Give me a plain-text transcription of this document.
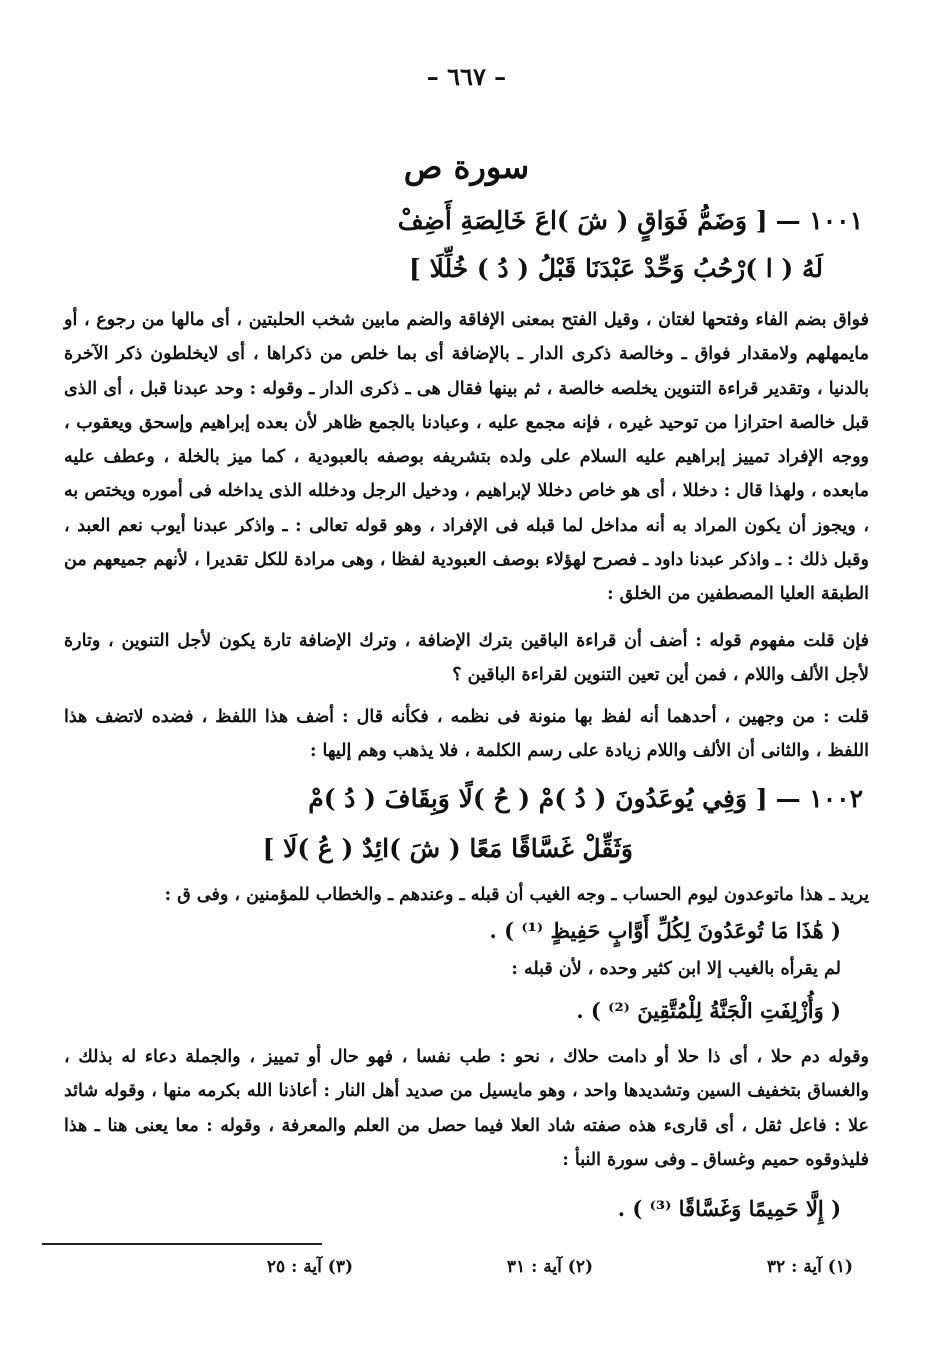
– ٦٦٧ –
سورة ص
١٠٠١ —[ وَضَمُّ فَوَاقٍ ( شَ )اعَ خَالِصَةِ أَضِفْ
لَهُ ( ا )رْحُبُ وَحِّدْ عَبْدَنَا قَبْلُ ( دُ ) خُلِّلَا ]
فواق بضم الفاء وفتحها لغتان ، وقيل الفتح بمعنى الإفاقة والضم مابين شخب الحلبتين ، أى مالها من رجوع ، أو مايمهلهم ولامقدار فواق ـ وخالصة ذكرى الدار ـ بالإضافة أى بما خلص من ذكراها ، أى لايخلطون ذكر الآخرة بالدنيا ، وتقدير قراءة التنوين يخلصه خالصة ، ثم بينها فقال هى ـ ذكرى الدار ـ وقوله : وحد عبدنا قبل ، أى الذى قبل خالصة احترازا من توحيد غيره ، فإنه مجمع عليه ، وعبادنا بالجمع ظاهر لأن بعده إبراهيم وإسحق ويعقوب ، ووجه الإفراد تمييز إبراهيم عليه السلام على ولده بتشريفه بوصفه بالعبودية ، كما ميز بالخلة ، وعطف عليه مابعده ، ولهذا قال : دخللا ، أى هو خاص دخللا لإبراهيم ، ودخيل الرجل ودخلله الذى يداخله فى أموره ويختص به ، ويجوز أن يكون المراد به أنه مداخل لما قبله فى الإفراد ، وهو قوله تعالى : ـ واذكر عبدنا أيوب نعم العبد ، وقبل ذلك : ـ واذكر عبدنا داود ـ فصرح لهؤلاء بوصف العبودية لفظا ، وهى مرادة للكل تقديرا ، لأنهم جميعهم من الطبقة العليا المصطفين من الخلق :
فإن قلت مفهوم قوله : أضف أن قراءة الباقين بترك الإضافة ، وترك الإضافة تارة يكون لأجل التنوين ، وتارة لأجل الألف واللام ، فمن أين تعين التنوين لقراءة الباقين ؟
قلت : من وجهين ، أحدهما أنه لفظ بها منونة فى نظمه ، فكأنه قال : أضف هذا اللفظ ، فضده لاتضف هذا اللفظ ، والثانى أن الألف واللام زيادة على رسم الكلمة ، فلا يذهب وهم إليها :
١٠٠٢ —[ وَفِي يُوعَدُونَ ( دُ )مْ ( حُ )لًا وَبِقَافَ ( دُ )مْ
وَثَقِّلْ غَسَّاقًا مَعًا ( شَ )ائِدٌ ( عُ )لَا ]
يريد ـ هذا ماتوعدون ليوم الحساب ـ وجه الغيب أن قبله ـ وعندهم ـ والخطاب للمؤمنين ، وفى ق :
( هَٰذَا مَا تُوعَدُونَ لِكُلِّ أَوَّابٍ حَفِيظٍ ⁽¹⁾ ) .
لم يقرأه بالغيب إلا ابن كثير وحده ، لأن قبله :
( وَأُزْلِفَتِ الْجَنَّةُ لِلْمُتَّقِينَ ⁽²⁾ ) .
وقوله دم حلا ، أى ذا حلا أو دامت حلاك ، نحو : طب نفسا ، فهو حال أو تمييز ، والجملة دعاء له بذلك ، والغساق بتخفيف السين وتشديدها واحد ، وهو مايسيل من صديد أهل النار : أعاذنا الله بكرمه منها ، وقوله شائد علا : فاعل ثقل ، أى قارىء هذه صفته شاد العلا فيما حصل من العلم والمعرفة ، وقوله : معا يعنى هنا ـ هذا فليذوقوه حميم وغساق ـ وفى سورة النبأ :
( إِلَّا حَمِيمًا وَغَسَّاقًا ⁽³⁾ ) .
(١) آية : ٣٢
(٢) آية : ٣١
(٣) آية : ٢٥
